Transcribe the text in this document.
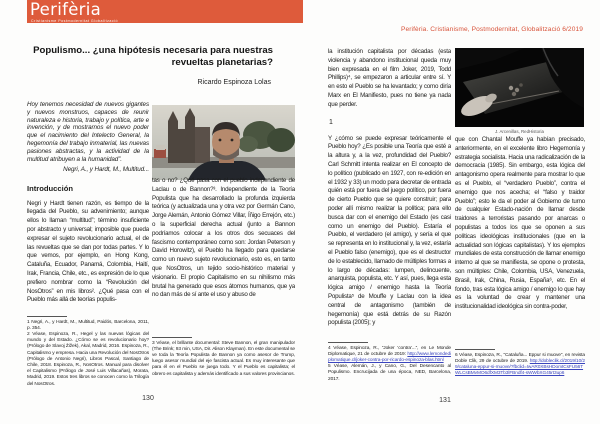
Perifèria
Cristianisme Postmodernitat Globalització
Populismo... ¿una hipótesis necesaria para nuestras revueltas planetarias?
Ricardo Espinoza Lolas

Hoy tenemos necesidad de nuevos gigantes y nuevos monstruos, capaces de reunir naturaleza e historia, trabajo y política, arte e invención, y de mostrarnos el nuevo poder que el nacimiento del Intelecto General, la hegemonía del trabajo inmaterial, las nuevas pasiones abstractas, y la actividad de la multitud atribuyen a la humanidad”.

Negri, A., y Hardt, M., Multitud...

Introducción

Negri y Hardt tienen razón, es tiempo de la llegada del Pueblo, su advenimiento; aunque ellos lo llaman “multitud”; término insuficiente por abstracto y universal; imposible que pueda expresar el sujeto revolucionario actual, el de las revueltas que se dan por todas partes. Y lo que vemos, por ejemplo, en Hong Kong, Cataluña, Ecuador, Panamá, Colombia, Haití, Irak, Francia, Chile, etc., es expresión de lo que prefiero nombrar como la “Revolución del NosOtros” en mis libros². ¿Qué pasa con el Pueblo más allá de teorías populis-

tas o no? ¿Qué pasa con el pueblo independiente de Laclau o de Bannon?³. Independiente de la Teoría Populista que ha desarrollado la profunda izquierda teórica (y actualizada una y otra vez por Germán Cano, Jorge Alemán, Antonio Gómez Villar, Íñigo Errejón, etc.) o la superficial derecha actual (junto a Bannon podríamos colocar a los otros dos secuaces del fascismo contemporáneo como son: Jordan Peterson y David Horowitz), el Pueblo ha llegado para quedarse como un nuevo sujeto revolucionario, esto es, en tanto que NosOtros, un tejido socio-histórico material y visionario. El propio Capitalismo en su nihilismo más brutal ha generado que esos átomos humanos, que ya no dan más de sí ante el uso y abuso de

1 Negri, A., y Hardt, M., Multitud, Paidós, Barcelona, 2011, p. 354.

2 Véase, Espinoza, R., Hegel y las nuevas lógicas del mundo y del Estado. ¿Cómo se es revolucionario hoy? (Prólogo de Slavoj Žižek), Akal, Madrid, 2016. Espinoza, R., Capitalismo y empresa. Hacia una Revolución del NosOtros (Prólogo de Antonio Negri), Libros Pascal, Santiago de Chile, 2018. Espinoza, R., NosOtros. Manual para disolver el Capitalismo (Prólogo de José Luis Villacañas), Morata, Madrid, 2019. Estos tres libros se conocen como la Trilogía del NosOtros.

3 Véase, el brillante documental: Steve Bannon, el gran manipulador (The Brink; 93 min, USA, Dir. Alison Klayman). En este documental se ve toda la Teoría Populista de Bannon ya como asesor de Trump, luego asesor mundial del eje fascista actual. Es muy interesante que para él en el Pueblo se juega todo. Y el Pueblo es capitalista; el obrero es capitalista y además identificado a sus valores provincianos.

130
Perifèria. Cristianisme, Postmodernitat, Globalització 6/2019

la institución capitalista por décadas (esta violencia y abandono institucional queda muy bien expresada en el film Joker, 2019, Todd Phillips)⁴, se empezaron a articular entre sí. Y en esto el Pueblo se ha levantado; y como diría Marx en El Manifiesto, pues no tiene ya nada que perder.

1

Y ¿cómo se puede expresar teóricamente el Pueblo hoy? ¿Es posible una Teoría que esté a la altura y, a la vez, profundidad del Pueblo? Carl Schmitt intenta realizar en El concepto de lo político (publicado en 1927, con re-edición en el 1932 y 33) un modo para decretar de entrada quién está por fuera del juego político, por fuera de cierto Pueblo que se quiere construir; para poder allí mismo realizar la política; para ello busca dar con el enemigo del Estado (es casi como un enemigo del Pueblo). Estaría el Pueblo, el verdadero (el amigo), y sería el que se representa en lo institucional y, la vez, estaría el Pueblo falso (enemigo), que es el destructor de lo establecido, llamado de múltiples formas a lo largo de décadas: lumpen, delincuente, anarquista, populista, etc. Y así, pues, llega esta lógica amigo / enemigo hasta la Teoría Populista⁵ de Mouffe y Laclau con la idea central de antagonismo (también de hegemonía) que está detrás de su Razón populista (2005); y

J. Arcenillas, RedHistoria

que con Chantal Mouffe ya habían precisado, anteriormente, en el excelente libro Hegemonía y estrategia socialista. Hacia una radicalización de la democracia (1985). Sin embargo, esta lógica del antagonismo opera realmente para mostrar lo que es el Pueblo, el “verdadero Pueblo”, contra el enemigo que nos acecha; el “falso y traidor Pueblo”; esto le da el poder al Gobierno de turno de cualquier Estado-nación de llamar desde traidores a terroristas pasando por anarcas o populistas a todos los que se oponen a sus políticas ideológicas institucionales (que en la actualidad son lógicas capitalistas). Y los ejemplos mundiales de esta construcción de llamar enemigo interno al que se manifiesta, se opone o protesta, son múltiples: Chile, Colombia, USA, Venezuela, Brasil, Irak, China, Rusia, España⁶, etc. En el fondo, tras esta lógica amigo / enemigo lo que hay es la voluntad de crear y mantener una institucionalidad ideológica sin contra-poder,

4 Véase, Espinoza, R., “Joker ‘contra’...”, en Le Monde Diplomatique, 21 de octubre de 2019: http://www.lemondediplomatique.cl/joker-contra-por-ricardo-espinoza-blas.html

5 Véase, Alemán, J., y Cano, G., Del Desencanto al Populismo. Encrucijada de una época, NED, Barcelona, 2017.

6 Véase, Espinoza, R., “Cataluña... Eppur si muove”, en revista Doble Clik, 29 de octubre de 2019. http://dobleclik.cl/2019/10/29/cataluna-eppur-si-muove/?fbclid=IwAR0XBsHDomtCsFU56TWLCsBMvMO6dfXM3Tb3lFBndf4-sWWbXG45rt3up6

131
